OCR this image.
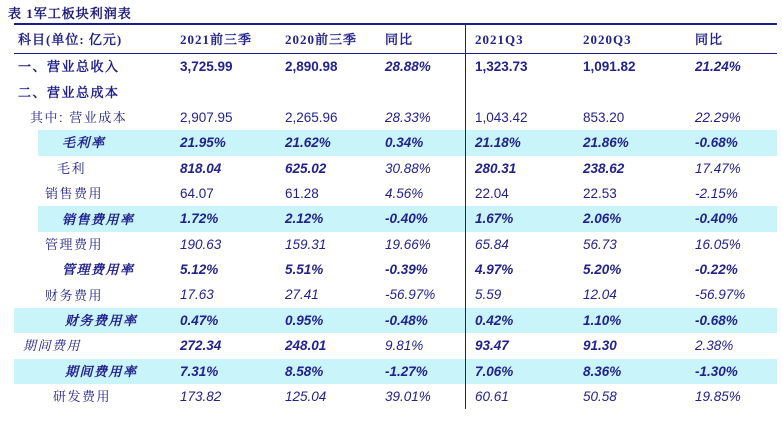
表 1军工板块利润表
科目(单位: 亿元)	2021前三季	2020前三季	同比	2021Q3	2020Q3	同比
一、营业总收入	3,725.99	2,890.98	28.88%	1,323.73	1,091.82	21.24%
二、营业总成本
其中: 营业成本	2,907.95	2,265.96	28.33%	1,043.42	853.20	22.29%
毛利率	21.95%	21.62%	0.34%	21.18%	21.86%	-0.68%
毛利	818.04	625.02	30.88%	280.31	238.62	17.47%
销售费用	64.07	61.28	4.56%	22.04	22.53	-2.15%
销售费用率	1.72%	2.12%	-0.40%	1.67%	2.06%	-0.40%
管理费用	190.63	159.31	19.66%	65.84	56.73	16.05%
管理费用率	5.12%	5.51%	-0.39%	4.97%	5.20%	-0.22%
财务费用	17.63	27.41	-56.97%	5.59	12.04	-56.97%
财务费用率	0.47%	0.95%	-0.48%	0.42%	1.10%	-0.68%
期间费用	272.34	248.01	9.81%	93.47	91.30	2.38%
期间费用率	7.31%	8.58%	-1.27%	7.06%	8.36%	-1.30%
研发费用	173.82	125.04	39.01%	60.61	50.58	19.85%
